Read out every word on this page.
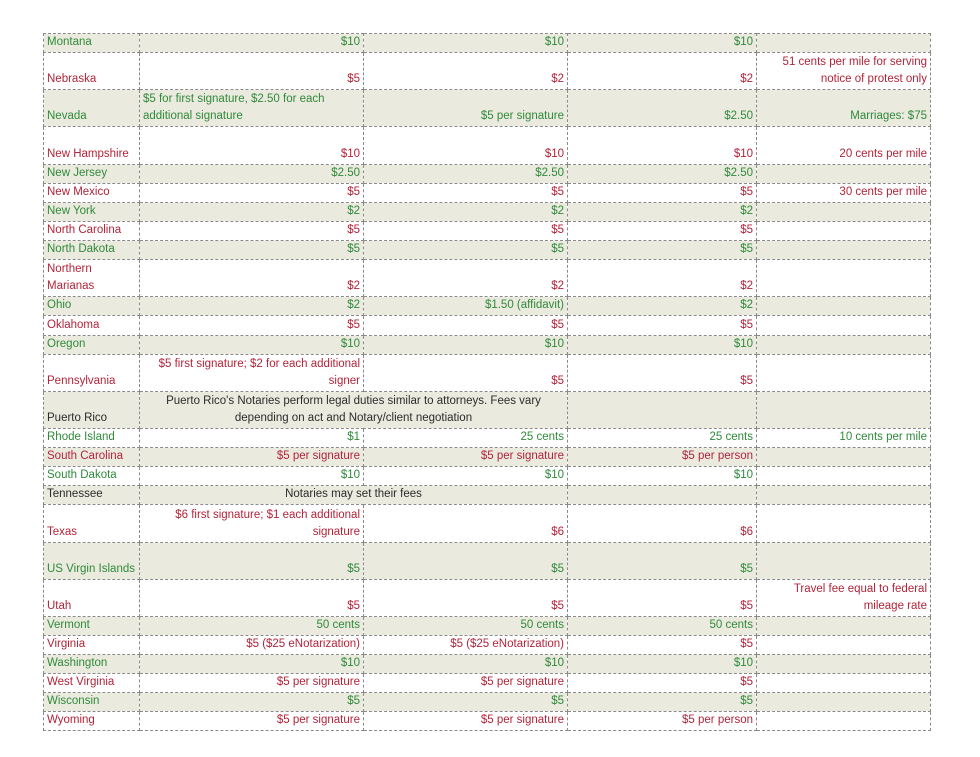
Montana	$10	$10	$10	
Nebraska	$5	$2	$2	51 cents per mile for serving notice of protest only
Nevada	$5 for first signature, $2.50 for each additional signature	$5 per signature	$2.50	Marriages: $75
New Hampshire	$10	$10	$10	20 cents per mile
New Jersey	$2.50	$2.50	$2.50	
New Mexico	$5	$5	$5	30 cents per mile
New York	$2	$2	$2	
North Carolina	$5	$5	$5	
North Dakota	$5	$5	$5	
Northern Marianas	$2	$2	$2	
Ohio	$2	$1.50 (affidavit)	$2	
Oklahoma	$5	$5	$5	
Oregon	$10	$10	$10	
Pennsylvania	$5 first signature; $2 for each additional signer	$5	$5	
Puerto Rico	Puerto Rico's Notaries perform legal duties similar to attorneys. Fees vary depending on act and Notary/client negotiation			
Rhode Island	$1	25 cents	25 cents	10 cents per mile
South Carolina	$5 per signature	$5 per signature	$5 per person	
South Dakota	$10	$10	$10	
Tennessee	Notaries may set their fees			
Texas	$6 first signature; $1 each additional signature	$6	$6	
US Virgin Islands	$5	$5	$5	
Utah	$5	$5	$5	Travel fee equal to federal mileage rate
Vermont	50 cents	50 cents	50 cents	
Virginia	$5 ($25 eNotarization)	$5 ($25 eNotarization)	$5	
Washington	$10	$10	$10	
West Virginia	$5 per signature	$5 per signature	$5	
Wisconsin	$5	$5	$5	
Wyoming	$5 per signature	$5 per signature	$5 per person	
